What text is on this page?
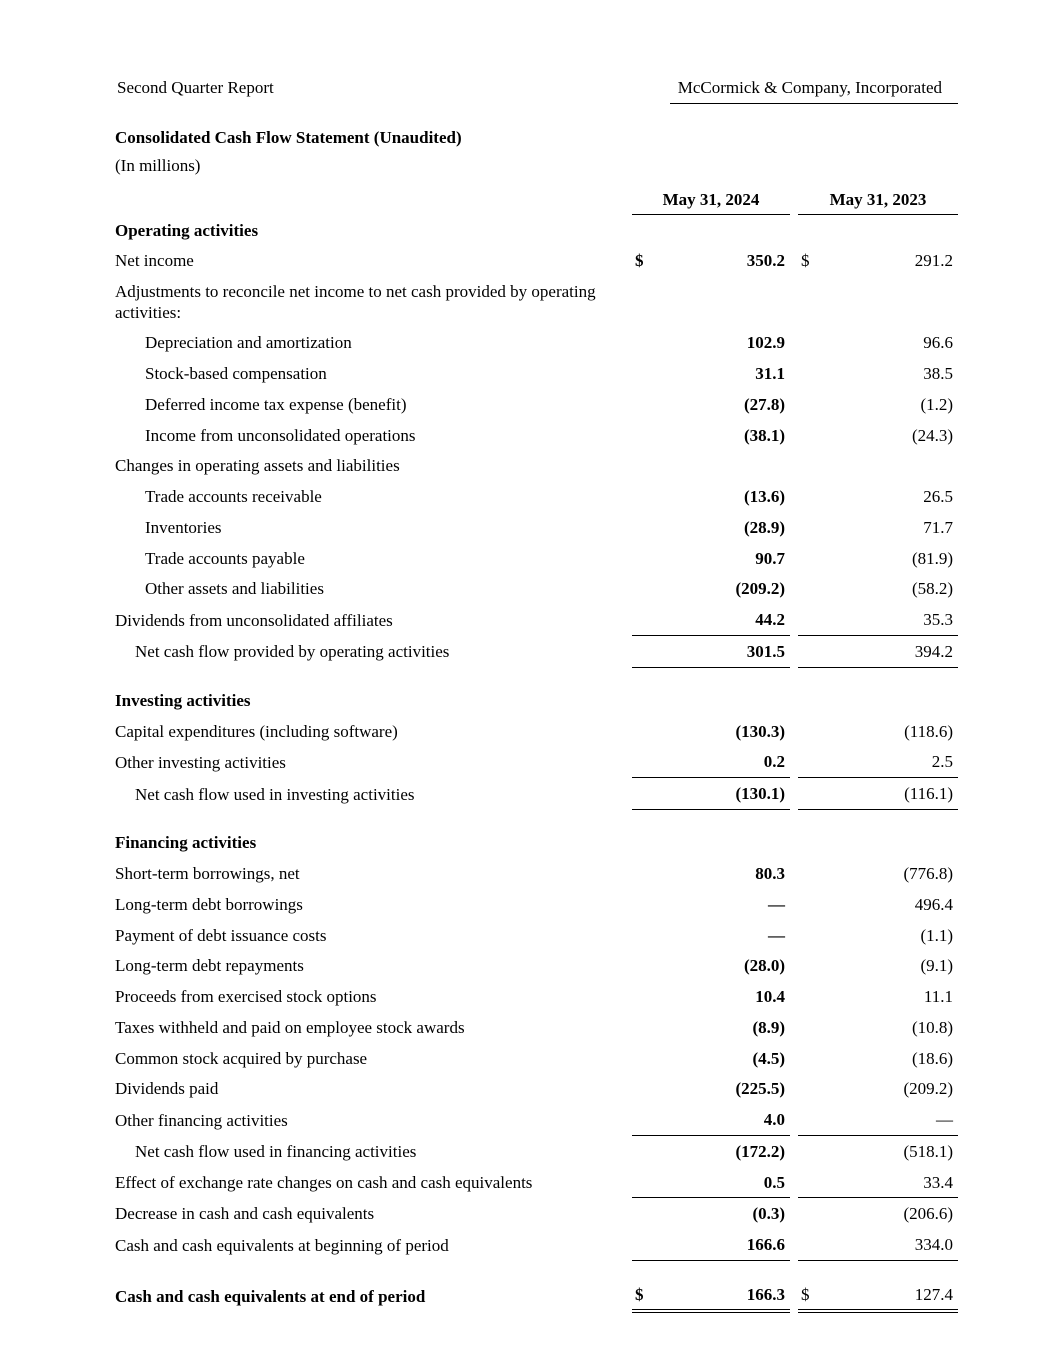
Second Quarter Report	McCormick & Company, Incorporated
Consolidated Cash Flow Statement (Unaudited)
(In millions)
	May 31, 2024			May 31, 2023	
Operating activities					
Net income	$	350.2		$	291.2
Adjustments to reconcile net income to net cash provided by operating activities:					
Depreciation and amortization		102.9			96.6
Stock-based compensation		31.1			38.5
Deferred income tax expense (benefit)		(27.8)			(1.2)
Income from unconsolidated operations		(38.1)			(24.3)
Changes in operating assets and liabilities					
Trade accounts receivable		(13.6)			26.5
Inventories		(28.9)			71.7
Trade accounts payable		90.7			(81.9)
Other assets and liabilities		(209.2)			(58.2)
Dividends from unconsolidated affiliates		44.2			35.3
Net cash flow provided by operating activities		301.5			394.2
Investing activities					
Capital expenditures (including software)		(130.3)			(118.6)
Other investing activities		0.2			2.5
Net cash flow used in investing activities		(130.1)			(116.1)
Financing activities					
Short-term borrowings, net		80.3			(776.8)
Long-term debt borrowings		—			496.4
Payment of debt issuance costs		—			(1.1)
Long-term debt repayments		(28.0)			(9.1)
Proceeds from exercised stock options		10.4			11.1
Taxes withheld and paid on employee stock awards		(8.9)			(10.8)
Common stock acquired by purchase		(4.5)			(18.6)
Dividends paid		(225.5)			(209.2)
Other financing activities		4.0			—
Net cash flow used in financing activities		(172.2)			(518.1)
Effect of exchange rate changes on cash and cash equivalents		0.5			33.4
Decrease in cash and cash equivalents		(0.3)			(206.6)
Cash and cash equivalents at beginning of period		166.6			334.0
Cash and cash equivalents at end of period	$	166.3		$	127.4
